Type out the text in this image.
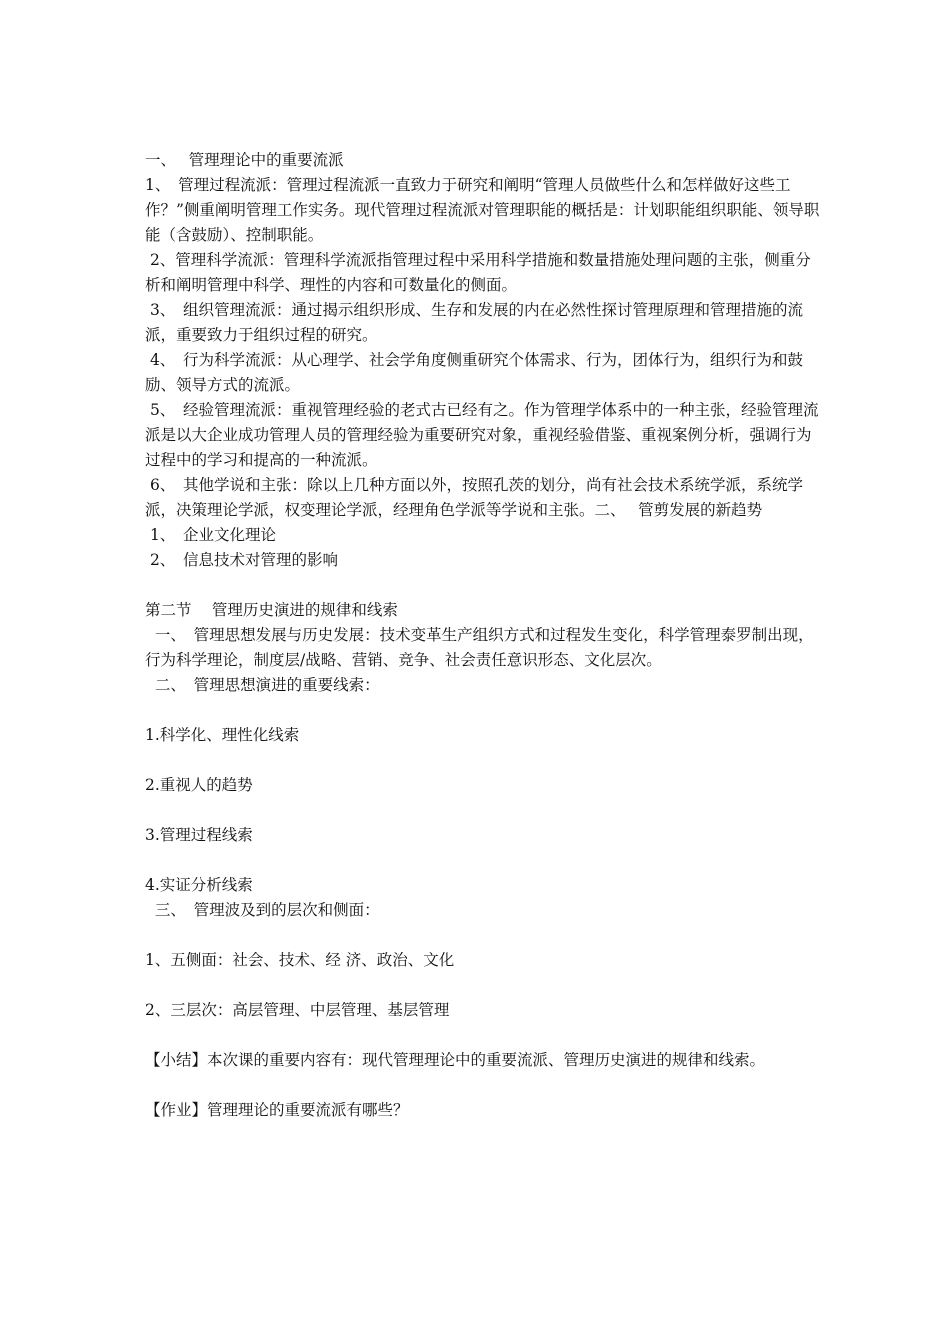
一、　 管理理论中的重要流派

1、　管理过程流派：管理过程流派一直致力于研究和阐明“管理人员做些什么和怎样做好这些工作？”侧重阐明管理工作实务。现代管理过程流派对管理职能的概括是：计划职能组织职能、领导职能（含鼓励）、控制职能。

2、管理科学流派：管理科学流派指管理过程中采用科学措施和数量措施处理问题的主张，侧重分析和阐明管理中科学、理性的内容和可数量化的侧面。

3、　组织管理流派：通过揭示组织形成、生存和发展的内在必然性探讨管理原理和管理措施的流派，重要致力于组织过程的研究。

4、　行为科学流派：从心理学、社会学角度侧重研究个体需求、行为，团体行为，组织行为和鼓励、领导方式的流派。

5、　经验管理流派：重视管理经验的老式古已经有之。作为管理学体系中的一种主张，经验管理流派是以大企业成功管理人员的管理经验为重要研究对象，重视经验借鉴、重视案例分析，强调行为过程中的学习和提高的一种流派。

6、　其他学说和主张：除以上几种方面以外，按照孔茨的划分，尚有社会技术系统学派，系统学派，决策理论学派，权变理论学派，经理角色学派等学说和主张。二、　 管剪发展的新趋势

1、　企业文化理论

2、　信息技术对管理的影响

第二节　 管理历史演进的规律和线索

一、　管理思想发展与历史发展：技术变革生产组织方式和过程发生变化，科学管理泰罗制出现，行为科学理论，制度层/战略、营销、竞争、社会责任意识形态、文化层次。

二、　管理思想演进的重要线索：

1.科学化、理性化线索

2.重视人的趋势

3.管理过程线索

4.实证分析线索

三、　管理波及到的层次和侧面：

1、五侧面：社会、技术、经 济、政治、文化

2、三层次：高层管理、中层管理、基层管理

【小结】本次课的重要内容有：现代管理理论中的重要流派、管理历史演进的规律和线索。

【作业】管理理论的重要流派有哪些？
